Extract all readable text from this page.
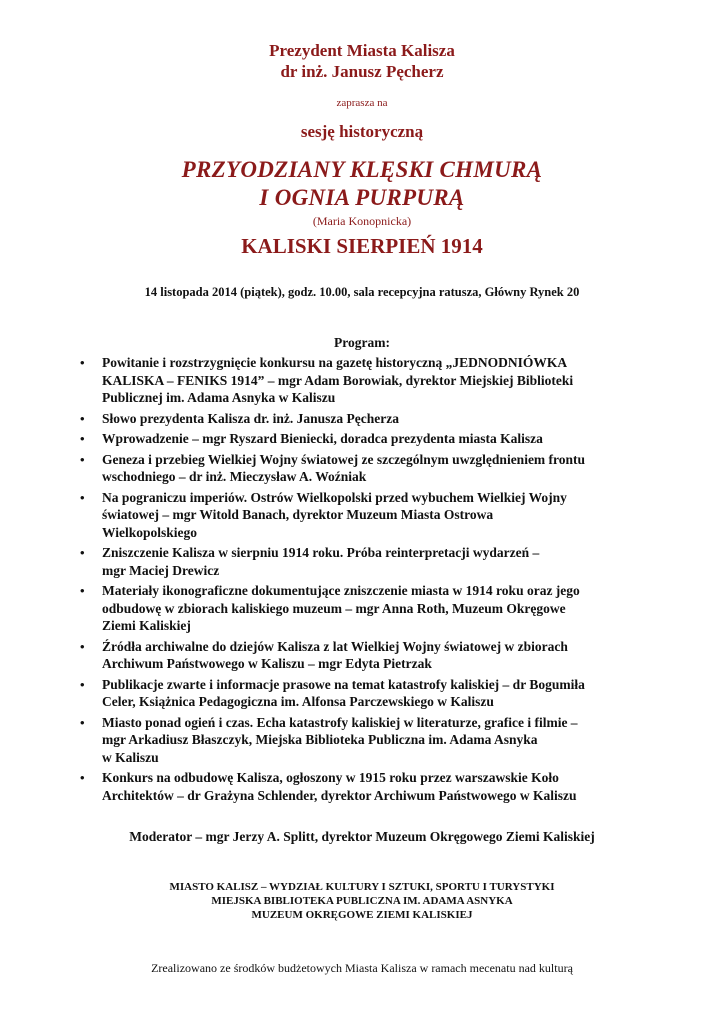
Prezydent Miasta Kalisza
dr inż. Janusz Pęcherz
zaprasza na
sesję historyczną
PRZYODZIANY KLĘSKI CHMURĄ
I OGNIA PURPURĄ
(Maria Konopnicka)
KALISKI SIERPIEŃ 1914
14 listopada 2014 (piątek), godz. 10.00, sala recepcyjna ratusza, Główny Rynek 20
Program:
• Powitanie i rozstrzygnięcie konkursu na gazetę historyczną „JEDNODNIÓWKA
KALISKA – FENIKS 1914” – mgr Adam Borowiak, dyrektor Miejskiej Biblioteki
Publicznej im. Adama Asnyka w Kaliszu
• Słowo prezydenta Kalisza dr. inż. Janusza Pęcherza
• Wprowadzenie – mgr Ryszard Bieniecki, doradca prezydenta miasta Kalisza
• Geneza i przebieg Wielkiej Wojny światowej ze szczególnym uwzględnieniem frontu
wschodniego – dr inż. Mieczysław A. Woźniak
• Na pograniczu imperiów. Ostrów Wielkopolski przed wybuchem Wielkiej Wojny
światowej – mgr Witold Banach, dyrektor Muzeum Miasta Ostrowa
Wielkopolskiego
• Zniszczenie Kalisza w sierpniu 1914 roku. Próba reinterpretacji wydarzeń –
mgr Maciej Drewicz
• Materiały ikonograficzne dokumentujące zniszczenie miasta w 1914 roku oraz jego
odbudowę w zbiorach kaliskiego muzeum – mgr Anna Roth, Muzeum Okręgowe
Ziemi Kaliskiej
• Źródła archiwalne do dziejów Kalisza z lat Wielkiej Wojny światowej w zbiorach
Archiwum Państwowego w Kaliszu – mgr Edyta Pietrzak
• Publikacje zwarte i informacje prasowe na temat katastrofy kaliskiej – dr Bogumiła
Celer, Książnica Pedagogiczna im. Alfonsa Parczewskiego w Kaliszu
• Miasto ponad ogień i czas. Echa katastrofy kaliskiej w literaturze, grafice i filmie –
mgr Arkadiusz Błaszczyk, Miejska Biblioteka Publiczna im. Adama Asnyka
w Kaliszu
• Konkurs na odbudowę Kalisza, ogłoszony w 1915 roku przez warszawskie Koło
Architektów – dr Grażyna Schlender, dyrektor Archiwum Państwowego w Kaliszu
Moderator – mgr Jerzy A. Splitt, dyrektor Muzeum Okręgowego Ziemi Kaliskiej
MIASTO KALISZ – WYDZIAŁ KULTURY I SZTUKI, SPORTU I TURYSTYKI
MIEJSKA BIBLIOTEKA PUBLICZNA IM. ADAMA ASNYKA
MUZEUM OKRĘGOWE ZIEMI KALISKIEJ
Zrealizowano ze środków budżetowych Miasta Kalisza w ramach mecenatu nad kulturą
